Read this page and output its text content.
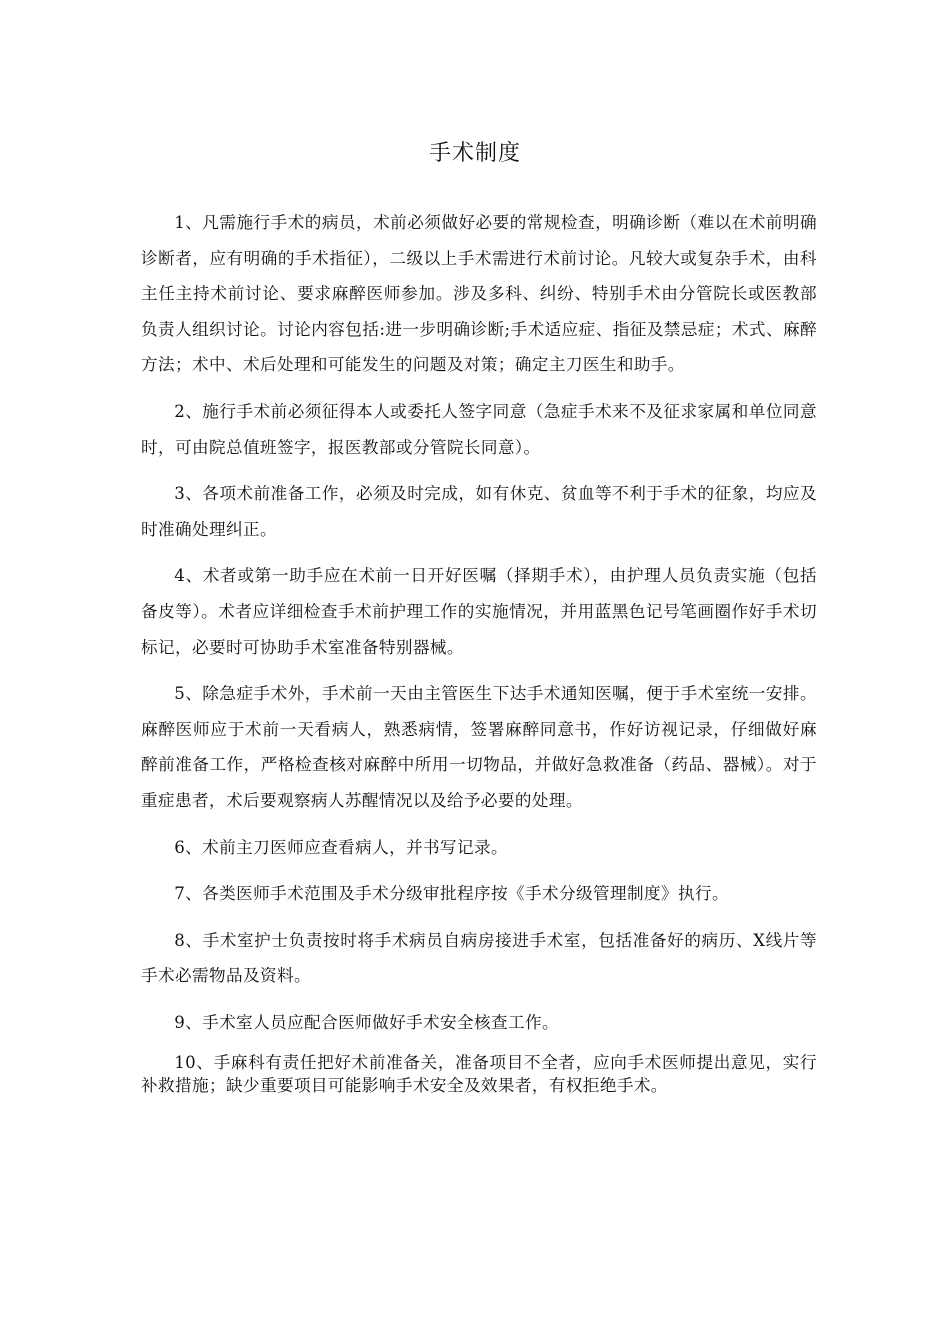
手术制度

1、凡需施行手术的病员，术前必须做好必要的常规检查，明确诊断（难以在术前明确诊断者，应有明确的手术指征），二级以上手术需进行术前讨论。凡较大或复杂手术，由科主任主持术前讨论、要求麻醉医师参加。涉及多科、纠纷、特别手术由分管院长或医教部负责人组织讨论。讨论内容包括:进一步明确诊断;手术适应症、指征及禁忌症；术式、麻醉方法；术中、术后处理和可能发生的问题及对策；确定主刀医生和助手。

2、施行手术前必须征得本人或委托人签字同意（急症手术来不及征求家属和单位同意时，可由院总值班签字，报医教部或分管院长同意）。

3、各项术前准备工作，必须及时完成，如有休克、贫血等不利于手术的征象，均应及时准确处理纠正。

4、术者或第一助手应在术前一日开好医嘱（择期手术），由护理人员负责实施（包括备皮等）。术者应详细检查手术前护理工作的实施情况，并用蓝黑色记号笔画圈作好手术切标记，必要时可协助手术室准备特别器械。

5、除急症手术外，手术前一天由主管医生下达手术通知医嘱，便于手术室统一安排。麻醉医师应于术前一天看病人，熟悉病情，签署麻醉同意书，作好访视记录，仔细做好麻醉前准备工作，严格检查核对麻醉中所用一切物品，并做好急救准备（药品、器械）。对于重症患者，术后要观察病人苏醒情况以及给予必要的处理。

6、术前主刀医师应查看病人，并书写记录。

7、各类医师手术范围及手术分级审批程序按《手术分级管理制度》执行。

8、手术室护士负责按时将手术病员自病房接进手术室，包括准备好的病历、X线片等手术必需物品及资料。

9、手术室人员应配合医师做好手术安全核查工作。

10、手麻科有责任把好术前准备关，准备项目不全者，应向手术医师提出意见，实行补救措施；缺少重要项目可能影响手术安全及效果者，有权拒绝手术。
